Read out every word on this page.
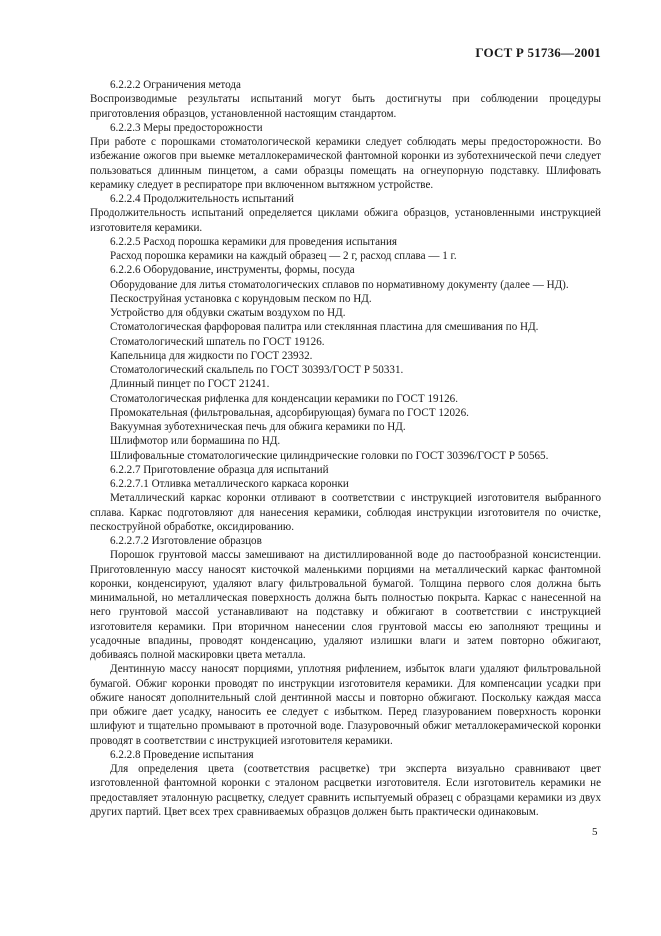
ГОСТ Р 51736—2001

6.2.2.2 Ограничения метода

Воспроизводимые результаты испытаний могут быть достигнуты при соблюдении процедуры приготовления образцов, установленной настоящим стандартом.

6.2.2.3 Меры предосторожности

При работе с порошками стоматологической керамики следует соблюдать меры предосторожности. Во избежание ожогов при выемке металлокерамической фантомной коронки из зуботехнической печи следует пользоваться длинным пинцетом, а сами образцы помещать на огнеупорную подставку. Шлифовать керамику следует в респираторе при включенном вытяжном устройстве.

6.2.2.4 Продолжительность испытаний

Продолжительность испытаний определяется циклами обжига образцов, установленными инструкцией изготовителя керамики.

6.2.2.5 Расход порошка керамики для проведения испытания

Расход порошка керамики на каждый образец — 2 г, расход сплава — 1 г.

6.2.2.6 Оборудование, инструменты, формы, посуда

Оборудование для литья стоматологических сплавов по нормативному документу (далее — НД).

Пескоструйная установка с корундовым песком по НД.

Устройство для обдувки сжатым воздухом по НД.

Стоматологическая фарфоровая палитра или стеклянная пластина для смешивания по НД.

Стоматологический шпатель по ГОСТ 19126.

Капельница для жидкости по ГОСТ 23932.

Стоматологический скальпель по ГОСТ 30393/ГОСТ Р 50331.

Длинный пинцет по ГОСТ 21241.

Стоматологическая рифленка для конденсации керамики по ГОСТ 19126.

Промокательная (фильтровальная, адсорбирующая) бумага по ГОСТ 12026.

Вакуумная зуботехническая печь для обжига керамики по НД.

Шлифмотор или бормашина по НД.

Шлифовальные стоматологические цилиндрические головки по ГОСТ 30396/ГОСТ Р 50565.

6.2.2.7 Приготовление образца для испытаний

6.2.2.7.1 Отливка металлического каркаса коронки

Металлический каркас коронки отливают в соответствии с инструкцией изготовителя выбранного сплава. Каркас подготовляют для нанесения керамики, соблюдая инструкции изготовителя по очистке, пескоструйной обработке, оксидированию.

6.2.2.7.2 Изготовление образцов

Порошок грунтовой массы замешивают на дистиллированной воде до пастообразной консистенции. Приготовленную массу наносят кисточкой маленькими порциями на металлический каркас фантомной коронки, конденсируют, удаляют влагу фильтровальной бумагой. Толщина первого слоя должна быть минимальной, но металлическая поверхность должна быть полностью покрыта. Каркас с нанесенной на него грунтовой массой устанавливают на подставку и обжигают в соответствии с инструкцией изготовителя керамики. При вторичном нанесении слоя грунтовой массы ею заполняют трещины и усадочные впадины, проводят конденсацию, удаляют излишки влаги и затем повторно обжигают, добиваясь полной маскировки цвета металла.

Дентинную массу наносят порциями, уплотняя рифлением, избыток влаги удаляют фильтровальной бумагой. Обжиг коронки проводят по инструкции изготовителя керамики. Для компенсации усадки при обжиге наносят дополнительный слой дентинной массы и повторно обжигают. Поскольку каждая масса при обжиге дает усадку, наносить ее следует с избытком. Перед глазурованием поверхность коронки шлифуют и тщательно промывают в проточной воде. Глазуровочный обжиг металлокерамической коронки проводят в соответствии с инструкцией изготовителя керамики.

6.2.2.8 Проведение испытания

Для определения цвета (соответствия расцветке) три эксперта визуально сравнивают цвет изготовленной фантомной коронки с эталоном расцветки изготовителя. Если изготовитель керамики не предоставляет эталонную расцветку, следует сравнить испытуемый образец с образцами керамики из двух других партий. Цвет всех трех сравниваемых образцов должен быть практически одинаковым.

5
